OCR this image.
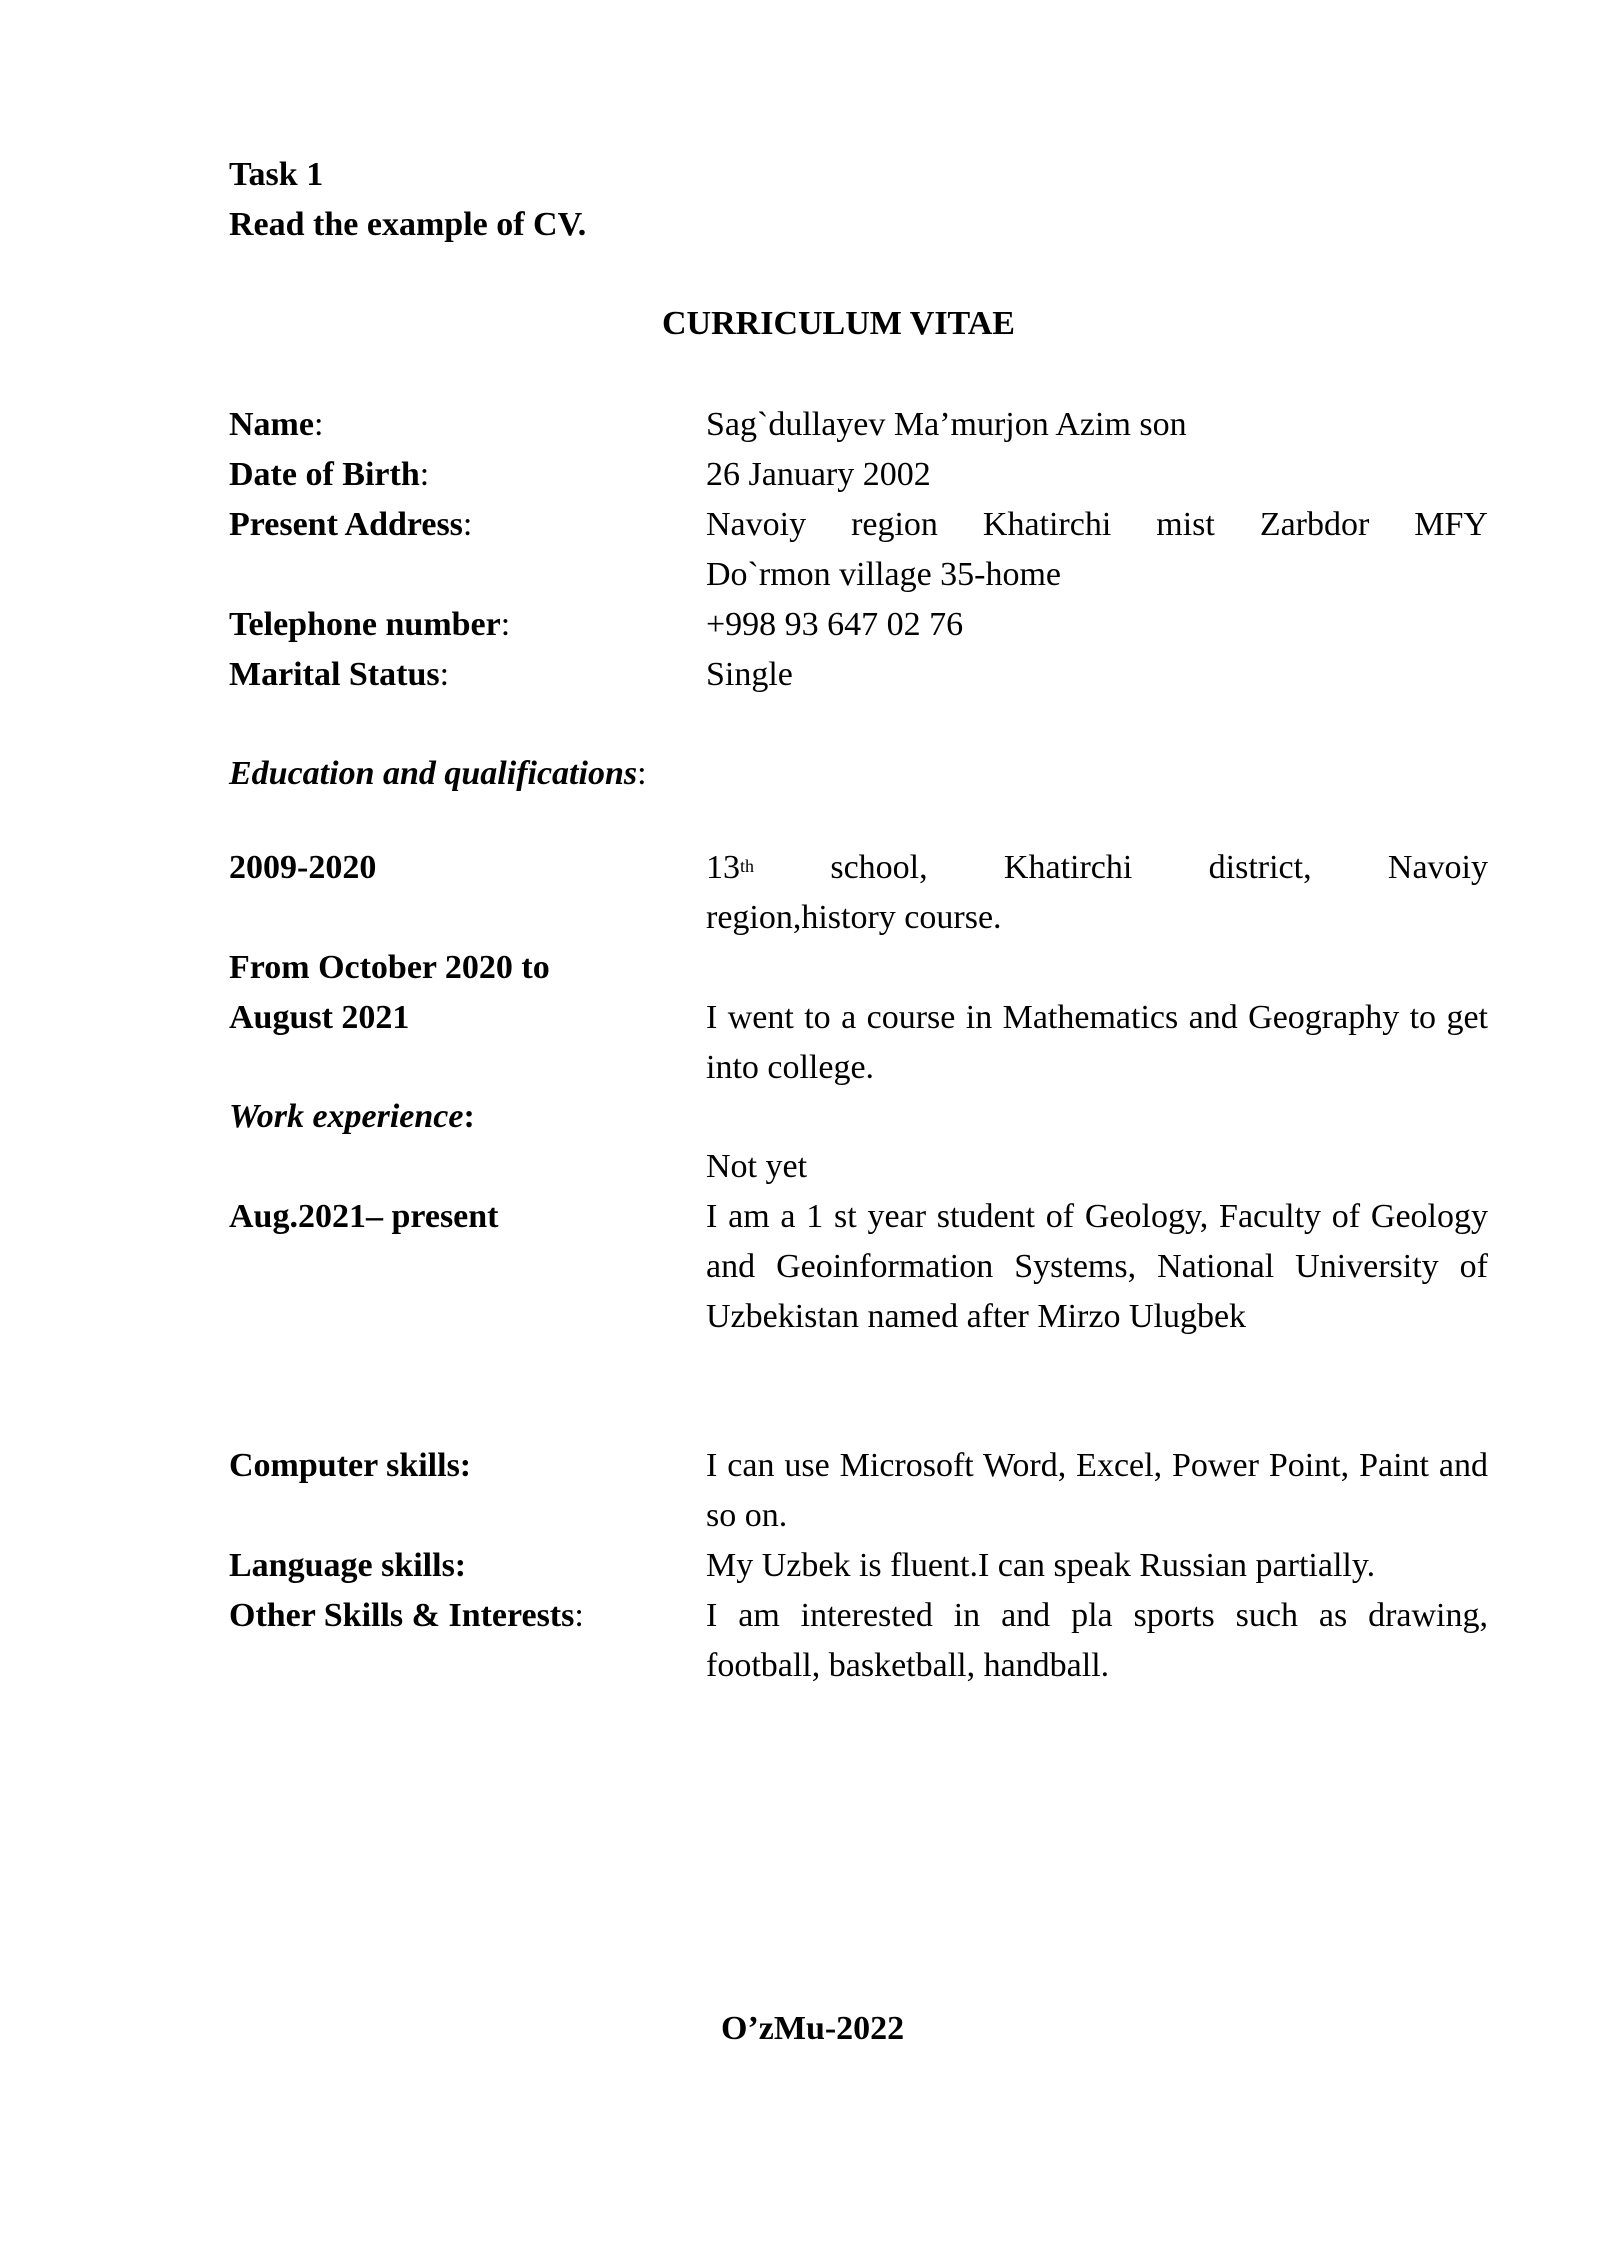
Task 1
Read the example of CV.
CURRICULUM VITAE
Name:	Sag`dullayev Ma’murjon Azim son
Date of Birth:	26 January 2002
Present Address:	Navoiy region Khatirchi mist Zarbdor MFY
Do`rmon village 35-home
Telephone number:	+998 93 647 02 76
Marital Status:	Single
Education and qualifications:
2009-2020	13th school, Khatirchi district, Navoiy
region,history course.
From October 2020 to
August 2021	I went to a course in Mathematics and Geography to get into college.
Work experience:
Not yet
Aug.2021– present	I am a 1 st year student of Geology, Faculty of Geology and Geoinformation Systems, National University of Uzbekistan named after Mirzo Ulugbek
Computer skills:	I can use Microsoft Word, Excel, Power Point, Paint and so on.
Language skills:	My Uzbek is fluent.I can speak Russian partially.
Other Skills & Interests:	I am interested in and pla sports such as drawing, football, basketball, handball.
O’zMu-2022
